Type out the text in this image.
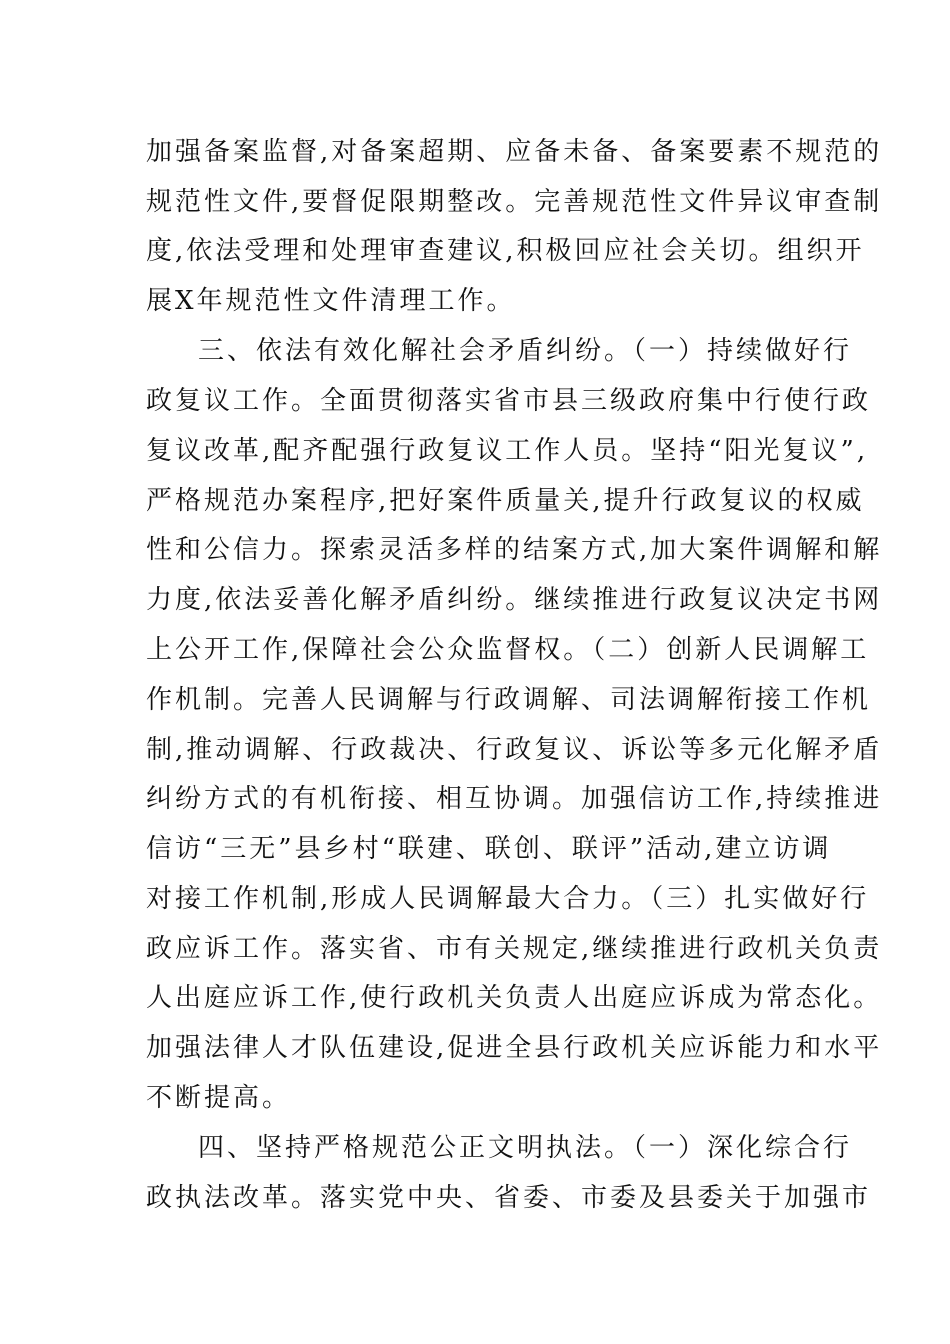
加强备案监督,对备案超期、应备未备、备案要素不规范的
规范性文件,要督促限期整改。完善规范性文件异议审查制
度,依法受理和处理审查建议,积极回应社会关切。组织开
展X年规范性文件清理工作。
三、依法有效化解社会矛盾纠纷。（一）持续做好行
政复议工作。全面贯彻落实省市县三级政府集中行使行政
复议改革,配齐配强行政复议工作人员。坚持“阳光复议”,
严格规范办案程序,把好案件质量关,提升行政复议的权威
性和公信力。探索灵活多样的结案方式,加大案件调解和解
力度,依法妥善化解矛盾纠纷。继续推进行政复议决定书网
上公开工作,保障社会公众监督权。（二）创新人民调解工
作机制。完善人民调解与行政调解、司法调解衔接工作机
制,推动调解、行政裁决、行政复议、诉讼等多元化解矛盾
纠纷方式的有机衔接、相互协调。加强信访工作,持续推进
信访“三无”县乡村“联建、联创、联评”活动,建立访调
对接工作机制,形成人民调解最大合力。（三）扎实做好行
政应诉工作。落实省、市有关规定,继续推进行政机关负责
人出庭应诉工作,使行政机关负责人出庭应诉成为常态化。
加强法律人才队伍建设,促进全县行政机关应诉能力和水平
不断提高。
四、坚持严格规范公正文明执法。（一）深化综合行
政执法改革。落实党中央、省委、市委及县委关于加强市
